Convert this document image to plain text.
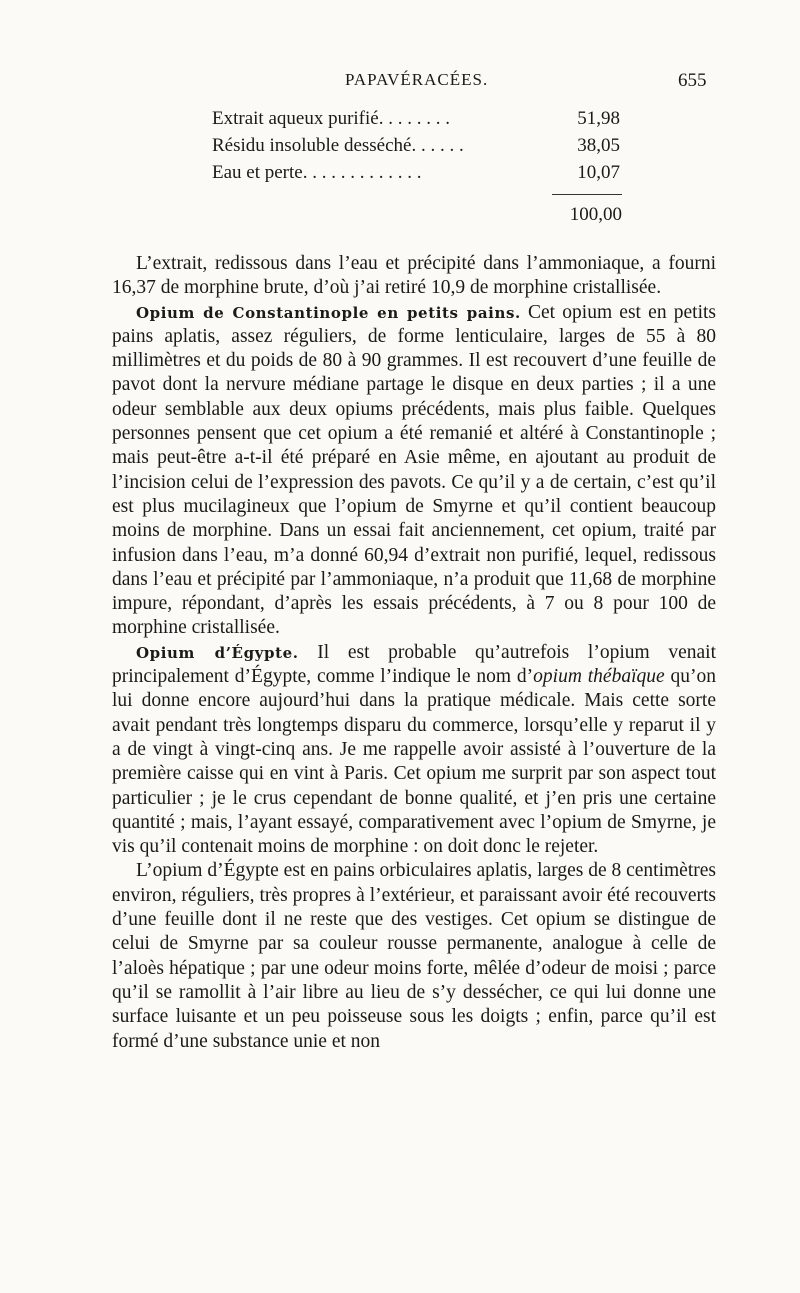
PAPAVÉRACÉES.	655
Extrait aqueux purifié. . . . . . . .	51,98
Résidu insoluble desséché. . . . . .	38,05
Eau et perte. . . . . . . . . . . . .	10,07
100,00

L’extrait, redissous dans l’eau et précipité dans l’ammoniaque, a fourni 16,37 de morphine brute, d’où j’ai retiré 10,9 de morphine cristallisée.

Opium de Constantinople en petits pains. Cet opium est en petits pains aplatis, assez réguliers, de forme lenticulaire, larges de 55 à 80 millimètres et du poids de 80 à 90 grammes. Il est recouvert d’une feuille de pavot dont la nervure médiane partage le disque en deux parties ; il a une odeur semblable aux deux opiums précédents, mais plus faible. Quelques personnes pensent que cet opium a été remanié et altéré à Constantinople ; mais peut-être a-t-il été préparé en Asie même, en ajoutant au produit de l’incision celui de l’expression des pavots. Ce qu’il y a de certain, c’est qu’il est plus mucilagineux que l’opium de Smyrne et qu’il contient beaucoup moins de morphine. Dans un essai fait anciennement, cet opium, traité par infusion dans l’eau, m’a donné 60,94 d’extrait non purifié, lequel, redissous dans l’eau et précipité par l’ammoniaque, n’a produit que 11,68 de morphine impure, répondant, d’après les essais précédents, à 7 ou 8 pour 100 de morphine cristallisée.

Opium d’Égypte. Il est probable qu’autrefois l’opium venait principalement d’Égypte, comme l’indique le nom d’opium thébaïque qu’on lui donne encore aujourd’hui dans la pratique médicale. Mais cette sorte avait pendant très longtemps disparu du commerce, lorsqu’elle y reparut il y a de vingt à vingt-cinq ans. Je me rappelle avoir assisté à l’ouverture de la première caisse qui en vint à Paris. Cet opium me surprit par son aspect tout particulier ; je le crus cependant de bonne qualité, et j’en pris une certaine quantité ; mais, l’ayant essayé, comparativement avec l’opium de Smyrne, je vis qu’il contenait moins de morphine : on doit donc le rejeter.

L’opium d’Égypte est en pains orbiculaires aplatis, larges de 8 centimètres environ, réguliers, très propres à l’extérieur, et paraissant avoir été recouverts d’une feuille dont il ne reste que des vestiges. Cet opium se distingue de celui de Smyrne par sa couleur rousse permanente, analogue à celle de l’aloès hépatique ; par une odeur moins forte, mêlée d’odeur de moisi ; parce qu’il se ramollit à l’air libre au lieu de s’y dessécher, ce qui lui donne une surface luisante et un peu poisseuse sous les doigts ; enfin, parce qu’il est formé d’une substance unie et non
